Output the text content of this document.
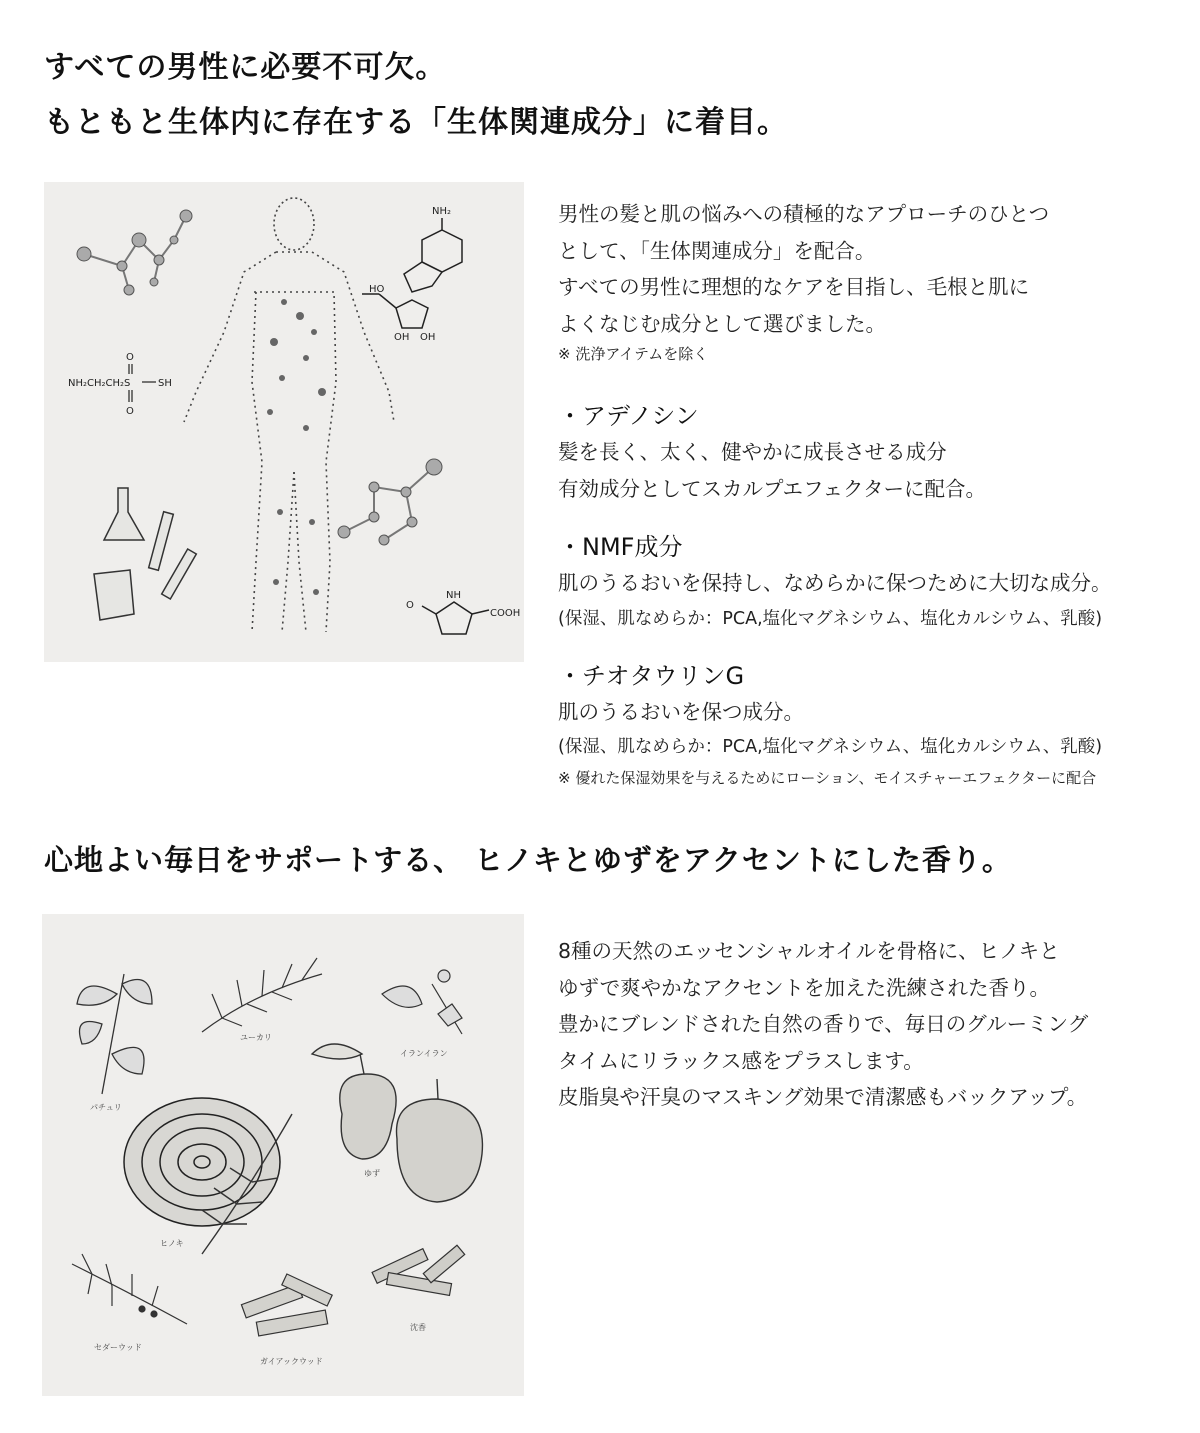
すべての男性に必要不可欠。
もともと生体内に存在する「生体関連成分」に着目。
NH₂
HO
OH OH
NH₂CH₂CH₂S	SH
O
O
O
NH
COOH

男性の髪と肌の悩みへの積極的なアプローチのひとつ

として、「生体関連成分」を配合。

すべての男性に理想的なケアを目指し、毛根と肌に

よくなじむ成分として選びました。

※ 洗浄アイテムを除く

・アデノシン

髪を長く、太く、健やかに成長させる成分

有効成分としてスカルプエフェクターに配合。

・NMF成分

肌のうるおいを保持し、なめらかに保つために大切な成分。

(保湿、肌なめらか：PCA,塩化マグネシウム、塩化カルシウム、乳酸)

・チオタウリンG

肌のうるおいを保つ成分。

(保湿、肌なめらか：PCA,塩化マグネシウム、塩化カルシウム、乳酸)

※ 優れた保湿効果を与えるためにローション、モイスチャーエフェクターに配合

心地よい毎日をサポートする、 ヒノキとゆずをアクセントにした香り。
パチュリ
ユーカリ
イランイラン
ヒノキ
ゆず
セダーウッド
ガイアックウッド
沈香

8種の天然のエッセンシャルオイルを骨格に、ヒノキと

ゆずで爽やかなアクセントを加えた洗練された香り。

豊かにブレンドされた自然の香りで、毎日のグルーミング

タイムにリラックス感をプラスします。

皮脂臭や汗臭のマスキング効果で清潔感もバックアップ。
